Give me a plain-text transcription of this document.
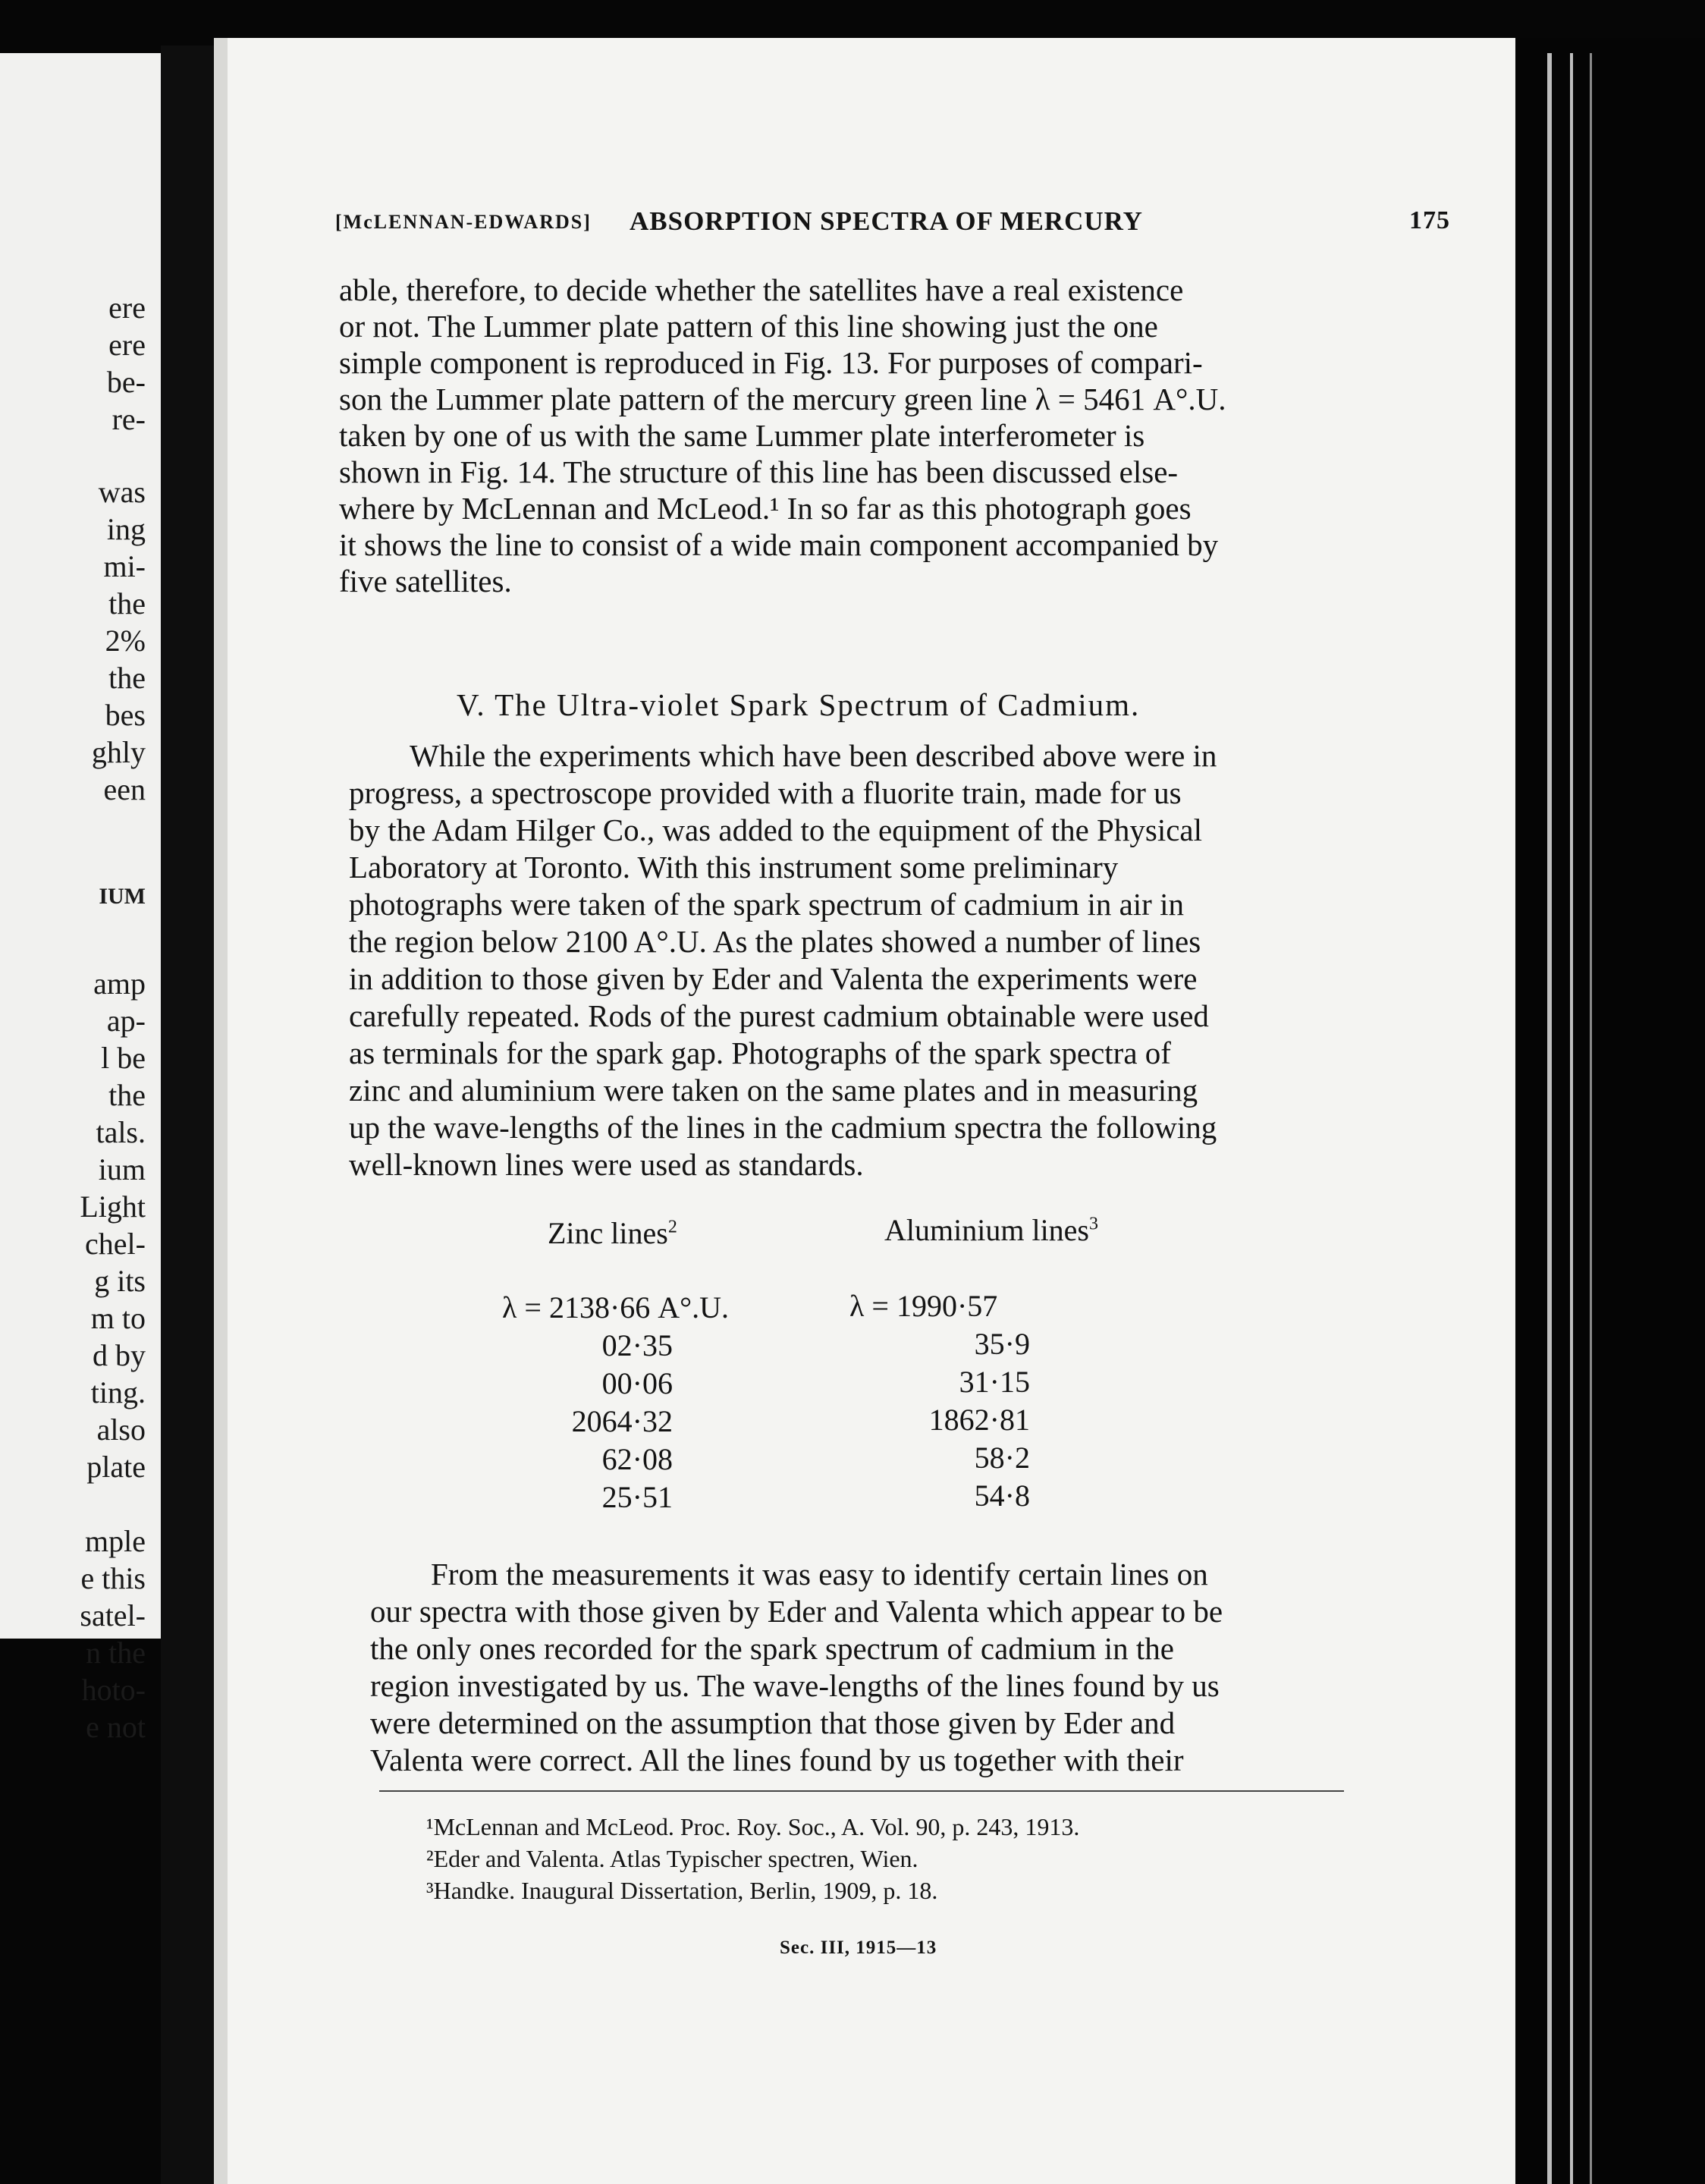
ere
ere
be-
re-
was
ing
mi-
the
2%
the
bes
ghly
een
IUM
amp
ap-
l be
the
tals.
ium
Light
chel-
g its
m to
d by
ting.
also
plate
mple
e this
satel-
n the
hoto-
e not
[McLENNAN-EDWARDS] ABSORPTION SPECTRA OF MERCURY	175
able, therefore, to decide whether the satellites have a real existence
or not. The Lummer plate pattern of this line showing just the one
simple component is reproduced in Fig. 13. For purposes of compari-
son the Lummer plate pattern of the mercury green line λ = 5461 A°.U.
taken by one of us with the same Lummer plate interferometer is
shown in Fig. 14. The structure of this line has been discussed else-
where by McLennan and McLeod.¹ In so far as this photograph goes
it shows the line to consist of a wide main component accompanied by
five satellites.
V. The Ultra-violet Spark Spectrum of Cadmium.
While the experiments which have been described above were in
progress, a spectroscope provided with a fluorite train, made for us
by the Adam Hilger Co., was added to the equipment of the Physical
Laboratory at Toronto. With this instrument some preliminary
photographs were taken of the spark spectrum of cadmium in air in
the region below 2100 A°.U. As the plates showed a number of lines
in addition to those given by Eder and Valenta the experiments were
carefully repeated. Rods of the purest cadmium obtainable were used
as terminals for the spark gap. Photographs of the spark spectra of
zinc and aluminium were taken on the same plates and in measuring
up the wave-lengths of the lines in the cadmium spectra the following
well-known lines were used as standards.
Zinc lines$^2$	Aluminium lines$^3$
λ = 2138·66 A°.U.
02·35
00·06
2064·32
62·08
25·51
λ = 1990·57
35·9
31·15
1862·81
58·2
54·8
From the measurements it was easy to identify certain lines on
our spectra with those given by Eder and Valenta which appear to be
the only ones recorded for the spark spectrum of cadmium in the
region investigated by us. The wave-lengths of the lines found by us
were determined on the assumption that those given by Eder and
Valenta were correct. All the lines found by us together with their
¹McLennan and McLeod. Proc. Roy. Soc., A. Vol. 90, p. 243, 1913.
²Eder and Valenta. Atlas Typischer spectren, Wien.
³Handke. Inaugural Dissertation, Berlin, 1909, p. 18.
Sec. III, 1915—13
